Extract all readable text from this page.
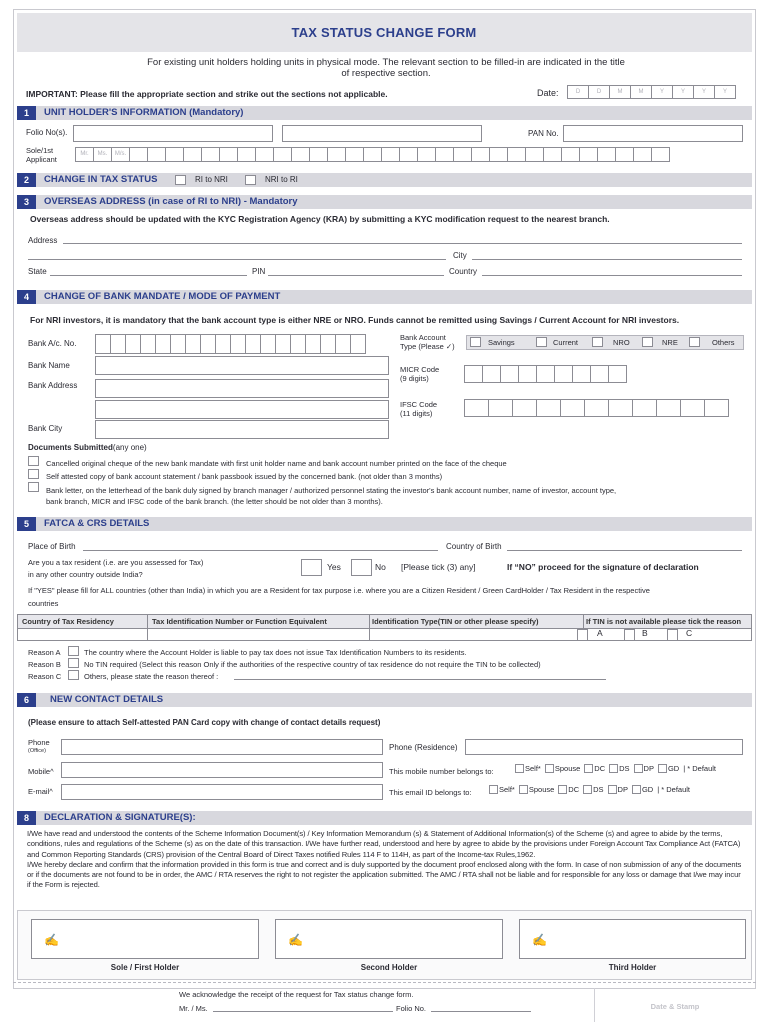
TAX STATUS CHANGE FORM
For existing unit holders holding units in physical mode. The relevant section to be filled-in are indicated in the title
of respective section.
IMPORTANT: Please fill the appropriate section and strike out the sections not applicable.	Date:	D	D	M	M	Y	Y	Y	Y
1	UNIT HOLDER'S INFORMATION (Mandatory)
Folio No(s).	PAN No.
Sole/1st
Applicant
Mr.	Ms.	M/s.
2	CHANGE IN TAX STATUS	RI to NRI	NRI to RI
3	OVERSEAS ADDRESS (in case of RI to NRI) - Mandatory
Overseas address should be updated with the KYC Registration Agency (KRA) by submitting a KYC modification request to the nearest branch.
Address
City
State	PIN	Country
4	CHANGE OF BANK MANDATE / MODE OF PAYMENT
For NRI investors, it is mandatory that the bank account type is either NRE or NRO. Funds cannot be remitted using Savings / Current Account for NRI investors.
Bank A/c. No.
Bank Name
Bank Address
Bank City
Bank Account
Type (Please ✓)	Savings	Current	NRO	NRE	Others
MICR Code
(9 digits)
IFSC Code
(11 digits)
Documents Submitted(any one)
Cancelled original cheque of the new bank mandate with first unit holder name and bank account number printed on the face of the cheque
Self attested copy of bank account statement / bank passbook issued by the concerned bank. (not older than 3 months)
Bank letter, on the letterhead of the bank duly signed by branch manager / authorized personnel stating the investor's bank account number, name of investor, account type,
bank branch, MICR and IFSC code of the bank branch. (the letter should be not older than 3 months).
5	FATCA & CRS DETAILS
Place of Birth	Country of Birth
Are you a tax resident (i.e. are you assessed for Tax)
in any other country outside India?
Yes	No [Please tick (3) any]	If “NO” proceed for the signature of declaration
If "YES" please fill for ALL countries (other than India) in which you are a Resident for tax purpose i.e. where you are a Citizen Resident / Green CardHolder / Tax Resident in the respective
countries
Country of Tax Residency	Tax Identification Number or Function Equivalent	Identification Type(TIN or other please specify)	If TIN is not available please tick the reason
A	B	C
Reason A	The country where the Account Holder is liable to pay tax does not issue Tax Identification Numbers to its residents.
Reason B	No TIN required (Select this reason Only if the authorities of the respective country of tax residence do not require the TIN to be collected)
Reason C	Others, please state the reason thereof :
6	NEW CONTACT DETAILS
(Please ensure to attach Self-attested PAN Card copy with change of contact details request)
Phone
(Office)	Phone (Residence)
Mobile^	This mobile number belongs to:	Self* Spouse DC DS DP GD | * Default
E-mail^	This email ID belongs to:	Self* Spouse DC DS DP GD | * Default
8	DECLARATION & SIGNATURE(S):
I/We have read and understood the contents of the Scheme Information Document(s) / Key Information Memorandum (s) & Statement of Additional Information(s) of the Scheme (s) and agree to abide by the terms, conditions, rules and regulations of the Scheme (s) as on the date of this transaction. I/We have further read, understood and here by agree to abide by the provisions under Foreign Account Tax Compliance Act (FATCA) and Common Reporting Standards (CRS) provision of the Central Board of Direct Taxes notified Rules 114 F to 114H, as part of the Income-tax Rules,1962.
I/We hereby declare and confirm that the information provided in this form is true and correct and is duly supported by the document proof enclosed along with the form. In case of non submission of any of the documents or if the documents are not found to be in order, the AMC / RTA reserves the right to not register the application submitted. The AMC / RTA shall not be liable and for responsible for any loss or damage that I/we may incur if the Form is rejected.
✍	✍	✍
Sole / First Holder	Second Holder	Third Holder
We acknowledge the receipt of the request for Tax status change form.
Mr. / Ms.	Folio No.	Date & Stamp
